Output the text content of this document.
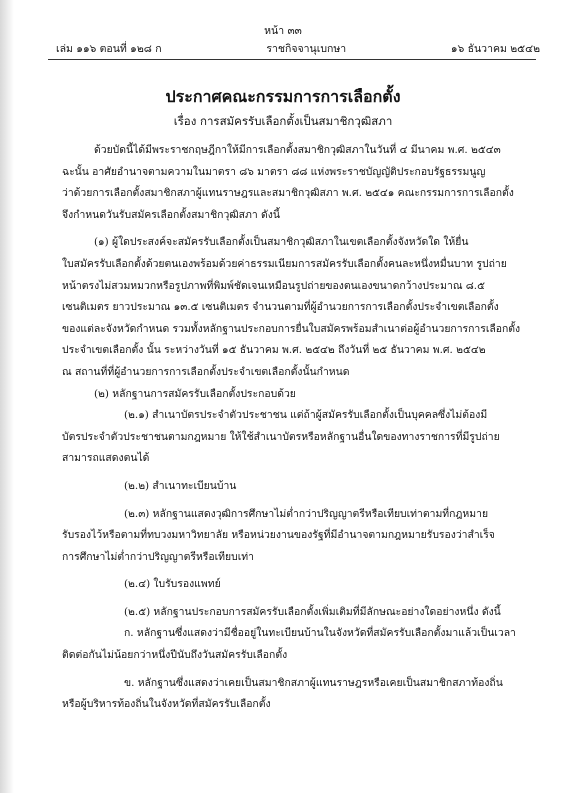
หน้า ๓๓
เล่ม ๑๑๖ ตอนที่ ๑๒๘ ก	ราชกิจจานุเบกษา	๑๖ ธันวาคม ๒๕๔๒
ประกาศคณะกรรมการการเลือกตั้ง
เรื่อง การสมัครรับเลือกตั้งเป็นสมาชิกวุฒิสภา
ด้วยบัดนี้ได้มีพระราชกฤษฎีกาให้มีการเลือกตั้งสมาชิกวุฒิสภาในวันที่ ๔ มีนาคม พ.ศ. ๒๕๔๓
ฉะนั้น อาศัยอำนาจตามความในมาตรา ๘๖ มาตรา ๘๘ แห่งพระราชบัญญัติประกอบรัฐธรรมนูญ
ว่าด้วยการเลือกตั้งสมาชิกสภาผู้แทนราษฎรและสมาชิกวุฒิสภา พ.ศ. ๒๕๔๑ คณะกรรมการการเลือกตั้ง
จึงกำหนดวันรับสมัครเลือกตั้งสมาชิกวุฒิสภา ดังนี้
(๑) ผู้ใดประสงค์จะสมัครรับเลือกตั้งเป็นสมาชิกวุฒิสภาในเขตเลือกตั้งจังหวัดใด ให้ยื่น
ใบสมัครรับเลือกตั้งด้วยตนเองพร้อมด้วยค่าธรรมเนียมการสมัครรับเลือกตั้งคนละหนึ่งหมื่นบาท รูปถ่าย
หน้าตรงไม่สวมหมวกหรือรูปภาพที่พิมพ์ชัดเจนเหมือนรูปถ่ายของตนเองขนาดกว้างประมาณ ๘.๕
เซนติเมตร ยาวประมาณ ๑๓.๕ เซนติเมตร จำนวนตามที่ผู้อำนวยการการเลือกตั้งประจำเขตเลือกตั้ง
ของแต่ละจังหวัดกำหนด รวมทั้งหลักฐานประกอบการยื่นใบสมัครพร้อมสำเนาต่อผู้อำนวยการการเลือกตั้ง
ประจำเขตเลือกตั้ง นั้น ระหว่างวันที่ ๑๕ ธันวาคม พ.ศ. ๒๕๔๒ ถึงวันที่ ๒๕ ธันวาคม พ.ศ. ๒๕๔๒
ณ สถานที่ที่ผู้อำนวยการการเลือกตั้งประจำเขตเลือกตั้งนั้นกำหนด
(๒) หลักฐานการสมัครรับเลือกตั้งประกอบด้วย
(๒.๑) สำเนาบัตรประจำตัวประชาชน แต่ถ้าผู้สมัครรับเลือกตั้งเป็นบุคคลซึ่งไม่ต้องมี
บัตรประจำตัวประชาชนตามกฎหมาย ให้ใช้สำเนาบัตรหรือหลักฐานอื่นใดของทางราชการที่มีรูปถ่าย
สามารถแสดงตนได้
(๒.๒) สำเนาทะเบียนบ้าน
(๒.๓) หลักฐานแสดงวุฒิการศึกษาไม่ต่ำกว่าปริญญาตรีหรือเทียบเท่าตามที่กฎหมาย
รับรองไว้หรือตามที่ทบวงมหาวิทยาลัย หรือหน่วยงานของรัฐที่มีอำนาจตามกฎหมายรับรองว่าสำเร็จ
การศึกษาไม่ต่ำกว่าปริญญาตรีหรือเทียบเท่า
(๒.๔) ใบรับรองแพทย์
(๒.๕) หลักฐานประกอบการสมัครรับเลือกตั้งเพิ่มเติมที่มีลักษณะอย่างใดอย่างหนึ่ง ดังนี้
ก. หลักฐานซึ่งแสดงว่ามีชื่ออยู่ในทะเบียนบ้านในจังหวัดที่สมัครรับเลือกตั้งมาแล้วเป็นเวลา
ติดต่อกันไม่น้อยกว่าหนึ่งปีนับถึงวันสมัครรับเลือกตั้ง
ข. หลักฐานซึ่งแสดงว่าเคยเป็นสมาชิกสภาผู้แทนราษฎรหรือเคยเป็นสมาชิกสภาท้องถิ่น
หรือผู้บริหารท้องถิ่นในจังหวัดที่สมัครรับเลือกตั้ง
